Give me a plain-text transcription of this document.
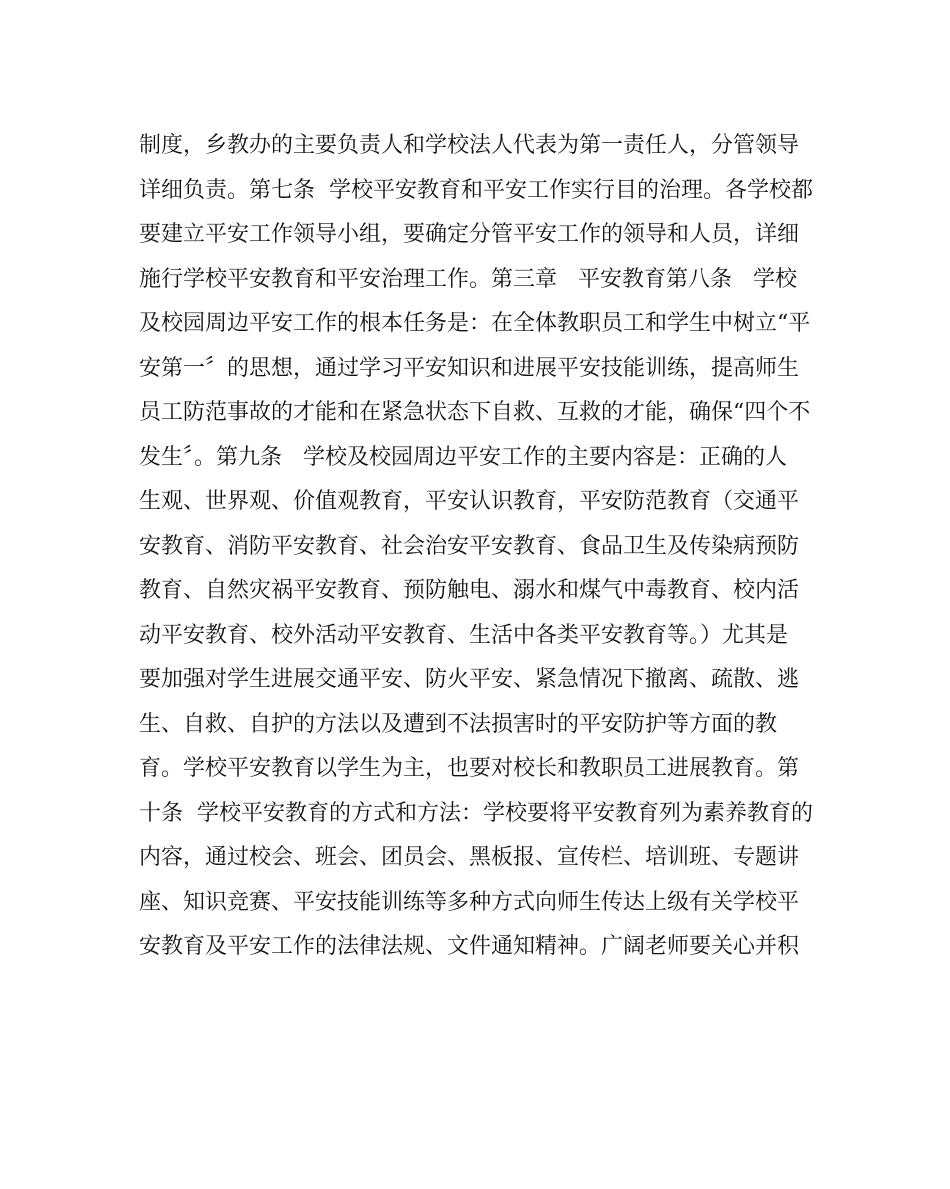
制度，乡教办的主要负责人和学校法人代表为第一责任人，分管领导
详细负责。第七条  学校平安教育和平安工作实行目的治理。各学校都
要建立平安工作领导小组，要确定分管平安工作的领导和人员，详细
施行学校平安教育和平安治理工作。第三章   平安教育第八条   学校
及校园周边平安工作的根本任务是：在全体教职员工和学生中树立“平
安第一〞的思想，通过学习平安知识和进展平安技能训练，提高师生
员工防范事故的才能和在紧急状态下自救、互救的才能，确保“四个不
发生〞。第九条   学校及校园周边平安工作的主要内容是：正确的人
生观、世界观、价值观教育，平安认识教育，平安防范教育（交通平
安教育、消防平安教育、社会治安平安教育、食品卫生及传染病预防
教育、自然灾祸平安教育、预防触电、溺水和煤气中毒教育、校内活
动平安教育、校外活动平安教育、生活中各类平安教育等。）尤其是
要加强对学生进展交通平安、防火平安、紧急情况下撤离、疏散、逃
生、自救、自护的方法以及遭到不法损害时的平安防护等方面的教
育。学校平安教育以学生为主，也要对校长和教职员工进展教育。第
十条  学校平安教育的方式和方法：学校要将平安教育列为素养教育的
内容，通过校会、班会、团员会、黑板报、宣传栏、培训班、专题讲
座、知识竞赛、平安技能训练等多种方式向师生传达上级有关学校平
安教育及平安工作的法律法规、文件通知精神。广阔老师要关心并积
